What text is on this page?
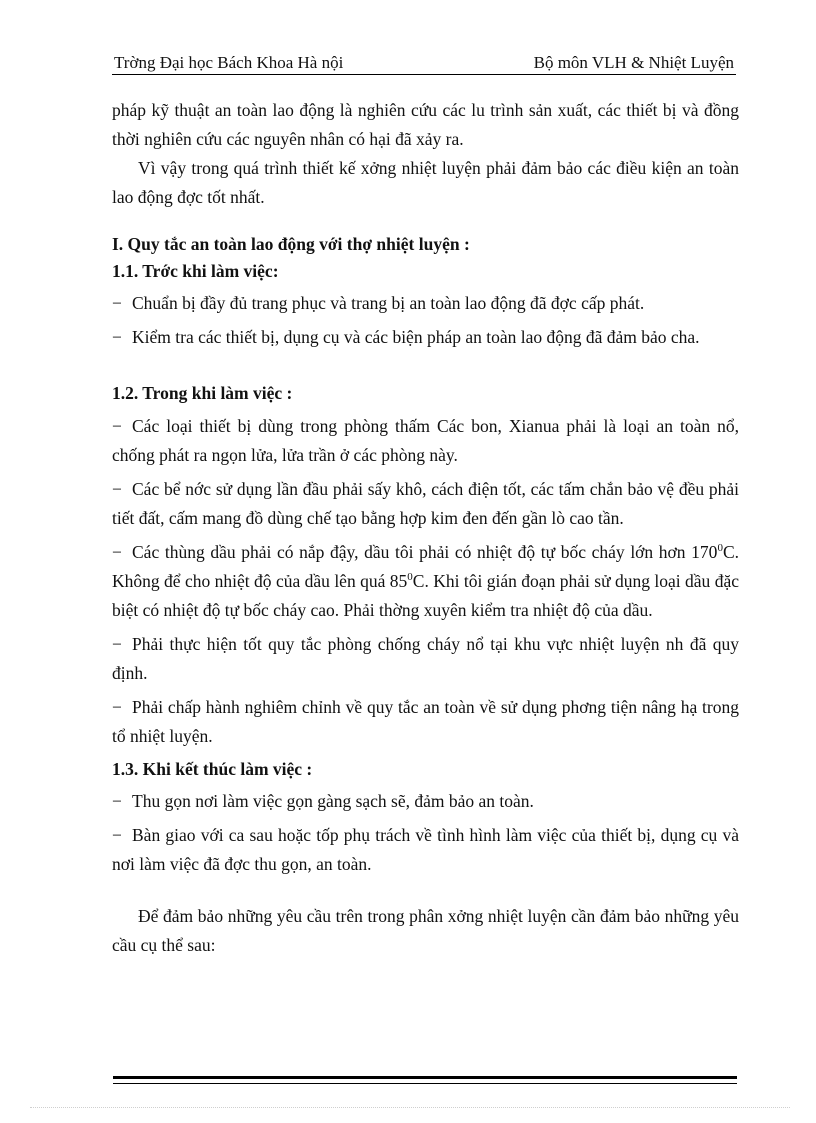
Trờng Đại học Bách Khoa Hà nội	Bộ môn VLH & Nhiệt Luyện

pháp kỹ thuật an toàn lao động là nghiên cứu các lu trình sản xuất, các thiết bị và đồng thời nghiên cứu các nguyên nhân có hại đã xảy ra.

Vì vậy trong quá trình thiết kế xởng nhiệt luyện phải đảm bảo các điều kiện an toàn lao động đợc tốt nhất.

I. Quy tắc an toàn lao động với thợ nhiệt luyện :

1.1. Trớc khi làm việc:

− Chuẩn bị đầy đủ trang phục và trang bị an toàn lao động đã đợc cấp phát.

− Kiểm tra các thiết bị, dụng cụ và các biện pháp an toàn lao động đã đảm bảo cha.

1.2. Trong khi làm việc :

− Các loại thiết bị dùng trong phòng thấm Các bon, Xianua phải là loại an toàn nổ, chống phát ra ngọn lửa, lửa trần ở các phòng này.

− Các bể nớc sử dụng lần đầu phải sấy khô, cách điện tốt, các tấm chắn bảo vệ đều phải tiết đất, cấm mang đồ dùng chế tạo bằng hợp kim đen đến gần lò cao tần.

− Các thùng dầu phải có nắp đậy, dầu tôi phải có nhiệt độ tự bốc cháy lớn hơn $170^0C$. Không để cho nhiệt độ của dầu lên quá $85^0C$. Khi tôi gián đoạn phải sử dụng loại dầu đặc biệt có nhiệt độ tự bốc cháy cao. Phải thờng xuyên kiểm tra nhiệt độ của dầu.

− Phải thực hiện tốt quy tắc phòng chống cháy nổ tại khu vực nhiệt luyện nh đã quy định.

− Phải chấp hành nghiêm chỉnh về quy tắc an toàn về sử dụng phơng tiện nâng hạ trong tổ nhiệt luyện.

1.3. Khi kết thúc làm việc :

− Thu gọn nơi làm việc gọn gàng sạch sẽ, đảm bảo an toàn.

− Bàn giao với ca sau hoặc tốp phụ trách về tình hình làm việc của thiết bị, dụng cụ và nơi làm việc đã đợc thu gọn, an toàn.

Để đảm bảo những yêu cầu trên trong phân xởng nhiệt luyện cần đảm bảo những yêu cầu cụ thể sau:
